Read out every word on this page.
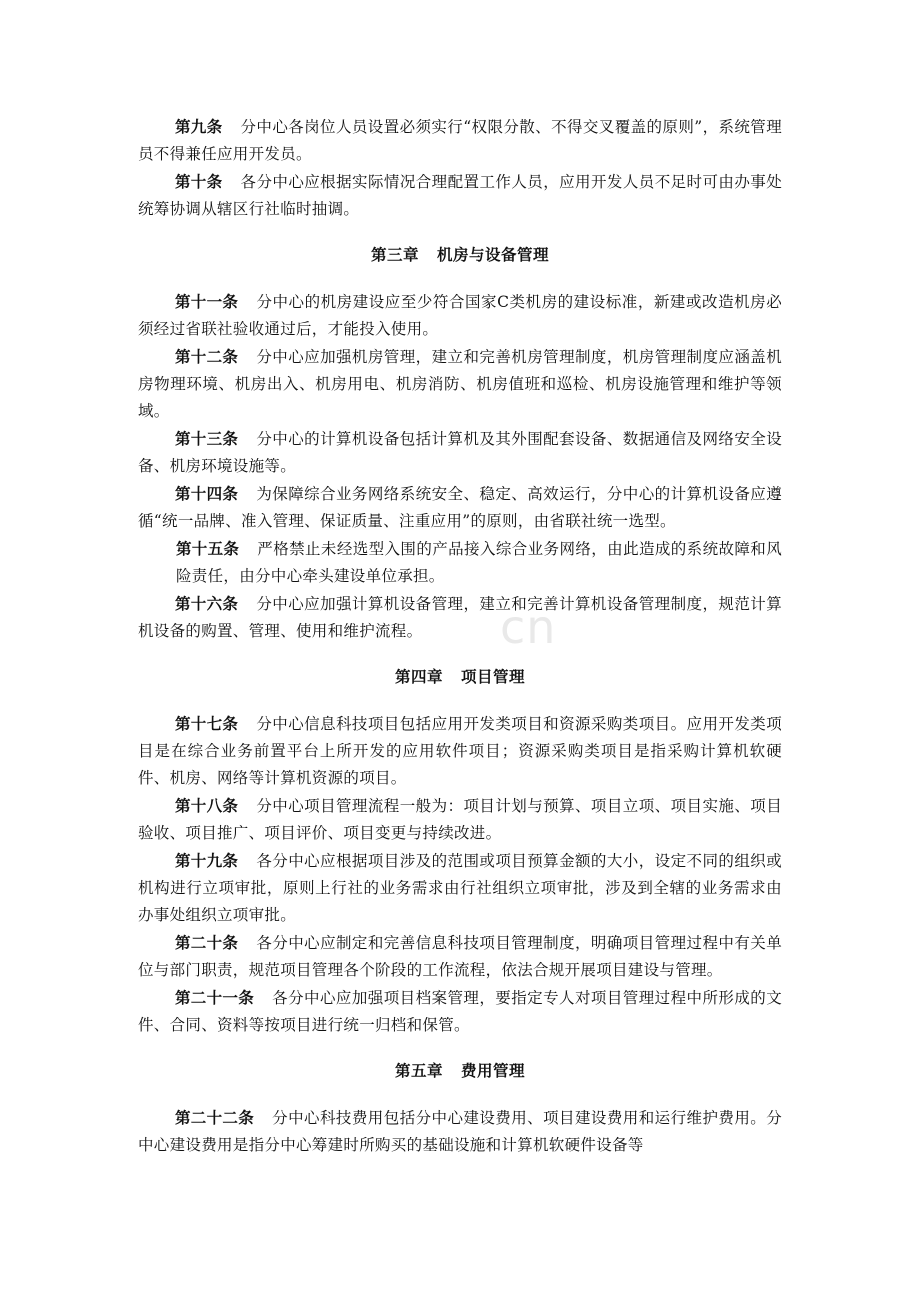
cn

第九条 分中心各岗位人员设置必须实行“权限分散、不得交叉覆盖的原则”，系统管理员不得兼任应用开发员。

第十条 各分中心应根据实际情况合理配置工作人员，应用开发人员不足时可由办事处统筹协调从辖区行社临时抽调。

第三章 机房与设备管理

第十一条 分中心的机房建设应至少符合国家C类机房的建设标准，新建或改造机房必须经过省联社验收通过后，才能投入使用。

第十二条 分中心应加强机房管理，建立和完善机房管理制度，机房管理制度应涵盖机房物理环境、机房出入、机房用电、机房消防、机房值班和巡检、机房设施管理和维护等领域。

第十三条 分中心的计算机设备包括计算机及其外围配套设备、数据通信及网络安全设备、机房环境设施等。

第十四条 为保障综合业务网络系统安全、稳定、高效运行，分中心的计算机设备应遵循“统一品牌、准入管理、保证质量、注重应用”的原则，由省联社统一选型。

第十五条 严格禁止未经选型入围的产品接入综合业务网络，由此造成的系统故障和风险责任，由分中心牵头建设单位承担。

第十六条 分中心应加强计算机设备管理，建立和完善计算机设备管理制度，规范计算机设备的购置、管理、使用和维护流程。

第四章 项目管理

第十七条 分中心信息科技项目包括应用开发类项目和资源采购类项目。应用开发类项目是在综合业务前置平台上所开发的应用软件项目；资源采购类项目是指采购计算机软硬件、机房、网络等计算机资源的项目。

第十八条 分中心项目管理流程一般为：项目计划与预算、项目立项、项目实施、项目验收、项目推广、项目评价、项目变更与持续改进。

第十九条 各分中心应根据项目涉及的范围或项目预算金额的大小，设定不同的组织或机构进行立项审批，原则上行社的业务需求由行社组织立项审批，涉及到全辖的业务需求由办事处组织立项审批。

第二十条 各分中心应制定和完善信息科技项目管理制度，明确项目管理过程中有关单位与部门职责，规范项目管理各个阶段的工作流程，依法合规开展项目建设与管理。

第二十一条 各分中心应加强项目档案管理，要指定专人对项目管理过程中所形成的文件、合同、资料等按项目进行统一归档和保管。

第五章 费用管理

第二十二条 分中心科技费用包括分中心建设费用、项目建设费用和运行维护费用。分中心建设费用是指分中心筹建时所购买的基础设施和计算机软硬件设备等
